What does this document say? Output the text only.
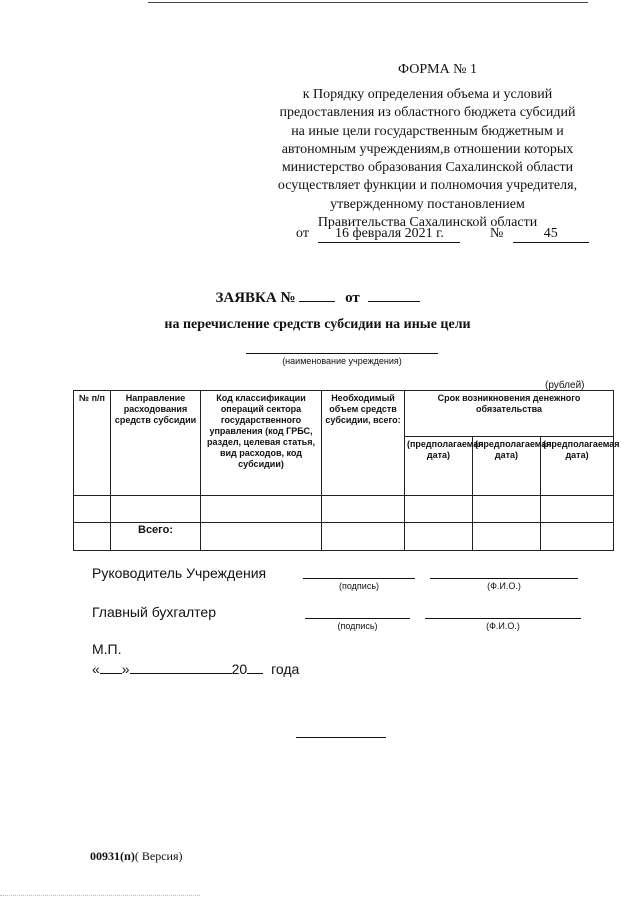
ФОРМА № 1
к Порядку определения объема и условий
предоставления из областного бюджета субсидий
на иные цели государственным бюджетным и
автономным учреждениям,в отношении которых
министерство образования Сахалинской области
осуществляет функции и полномочия учредителя,
утвержденному постановлением
Правительства Сахалинской области
от 16 февраля 2021 г.	№	45
ЗАЯВКА №	от
на перечисление средств субсидии на иные цели
(наименование учреждения)
(рублей)
№ п/п	Направление расходования средств субсидии	Код классификации операций сектора государственного управления (код ГРБС, раздел, целевая статья, вид расходов, код субсидии)	Необходимый объем средств субсидии, всего:	Срок возникновения денежного обязательства		
				(предполагаемая дата)	(предполагаемая дата)	(предполагаемая дата)

	Всего:					
Руководитель Учреждения
(подпись)	(Ф.И.О.)
Главный бухгалтер
(подпись)	(Ф.И.О.)
М.П.
« »	20 года
00931(п)( Версия)
